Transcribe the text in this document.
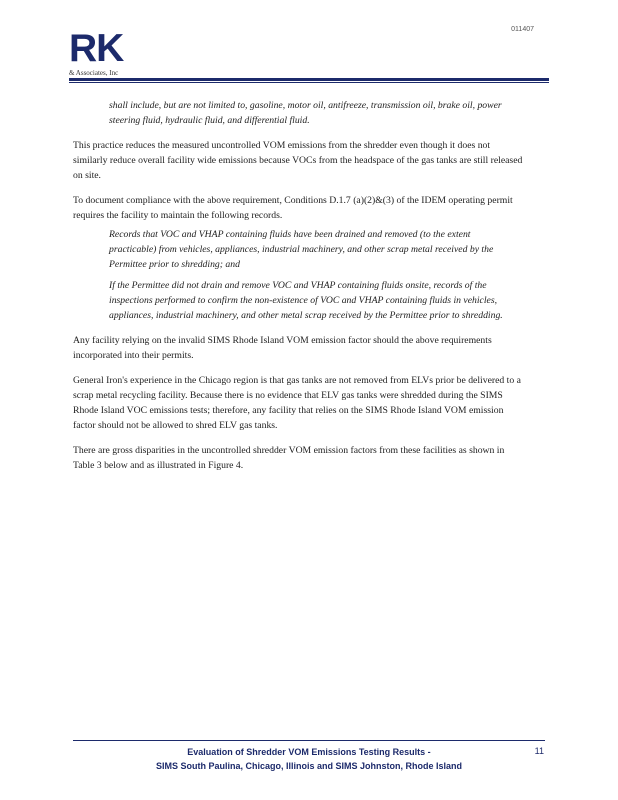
011407
RK
& Associates, Inc

shall include, but are not limited to, gasoline, motor oil, antifreeze, transmission oil, brake oil, power steering fluid, hydraulic fluid, and differential fluid.

This practice reduces the measured uncontrolled VOM emissions from the shredder even though it does not similarly reduce overall facility wide emissions because VOCs from the headspace of the gas tanks are still released on site.

To document compliance with the above requirement, Conditions D.1.7 (a)(2)&(3) of the IDEM operating permit requires the facility to maintain the following records.

Records that VOC and VHAP containing fluids have been drained and removed (to the extent practicable) from vehicles, appliances, industrial machinery, and other scrap metal received by the Permittee prior to shredding; and

If the Permittee did not drain and remove VOC and VHAP containing fluids onsite, records of the inspections performed to confirm the non-existence of VOC and VHAP containing fluids in vehicles, appliances, industrial machinery, and other metal scrap received by the Permittee prior to shredding.

Any facility relying on the invalid SIMS Rhode Island VOM emission factor should the above requirements incorporated into their permits.

General Iron's experience in the Chicago region is that gas tanks are not removed from ELVs prior be delivered to a scrap metal recycling facility. Because there is no evidence that ELV gas tanks were shredded during the SIMS Rhode Island VOC emissions tests; therefore, any facility that relies on the SIMS Rhode Island VOM emission factor should not be allowed to shred ELV gas tanks.

There are gross disparities in the uncontrolled shredder VOM emission factors from these facilities as shown in Table 3 below and as illustrated in Figure 4.

Evaluation of Shredder VOM Emissions Testing Results -
SIMS South Paulina, Chicago, Illinois and SIMS Johnston, Rhode Island
11
